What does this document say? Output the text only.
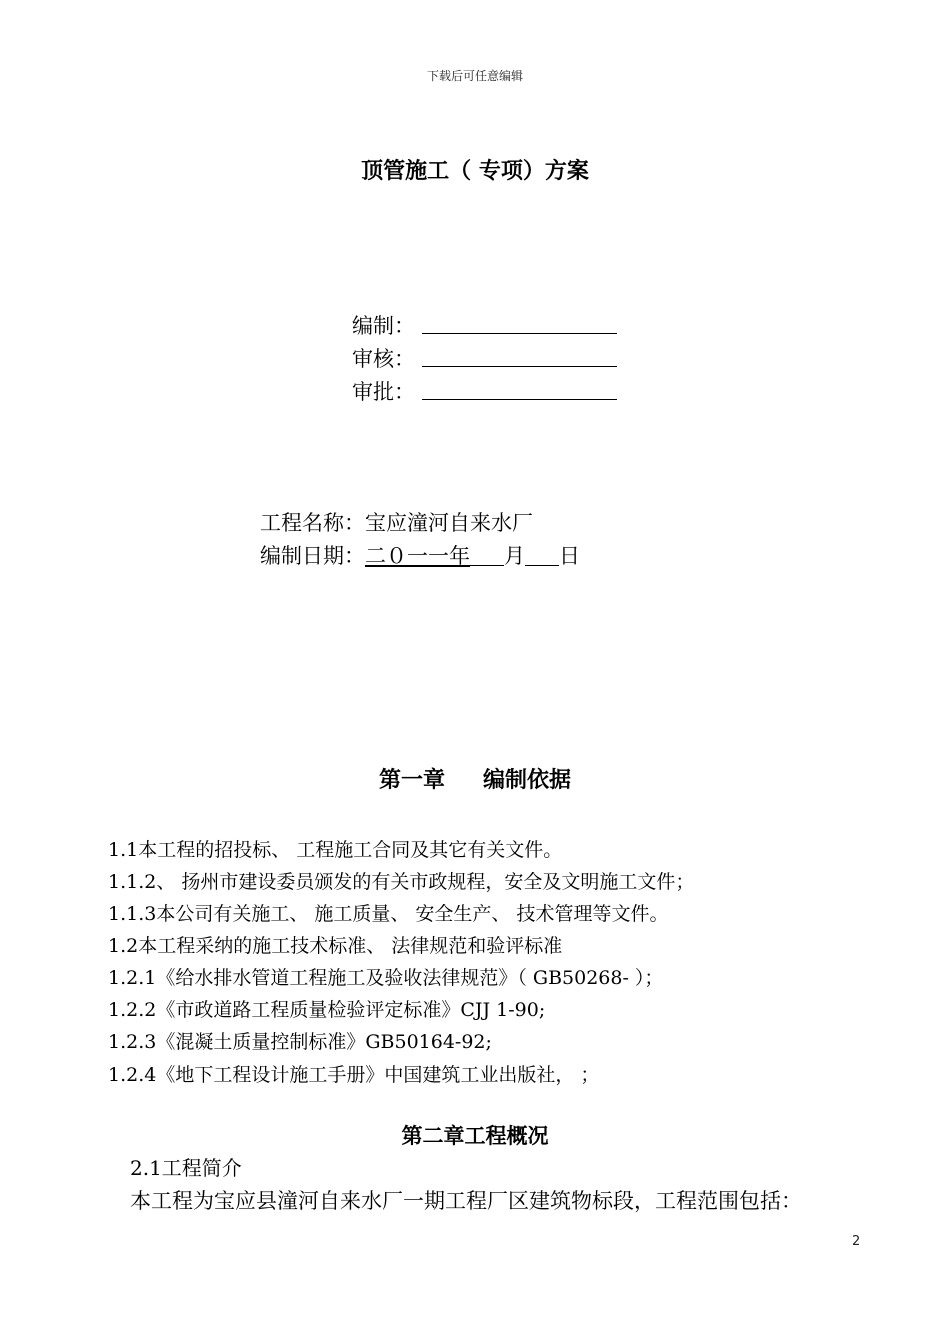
下载后可任意编辑
顶管施工（ 专项）方案
编制：
审核：
审批：
工程名称：宝应潼河自来水厂
编制日期：二０一一年 月 日
第一章 编制依据
1.1本工程的招投标、 工程施工合同及其它有关文件。
1.1.2、 扬州市建设委员颁发的有关市政规程，安全及文明施工文件；
1.1.3本公司有关施工、 施工质量、 安全生产、 技术管理等文件。
1.2本工程采纳的施工技术标准、 法律规范和验评标准
1.2.1《给水排水管道工程施工及验收法律规范》（ GB50268- ）；
1.2.2《市政道路工程质量检验评定标准》CJJ 1-90;
1.2.3《混凝土质量控制标准》GB50164-92;
1.2.4《地下工程设计施工手册》中国建筑工业出版社， ；
第二章工程概况
2.1工程简介
本工程为宝应县潼河自来水厂一期工程厂区建筑物标段，工程范围包括：
2
